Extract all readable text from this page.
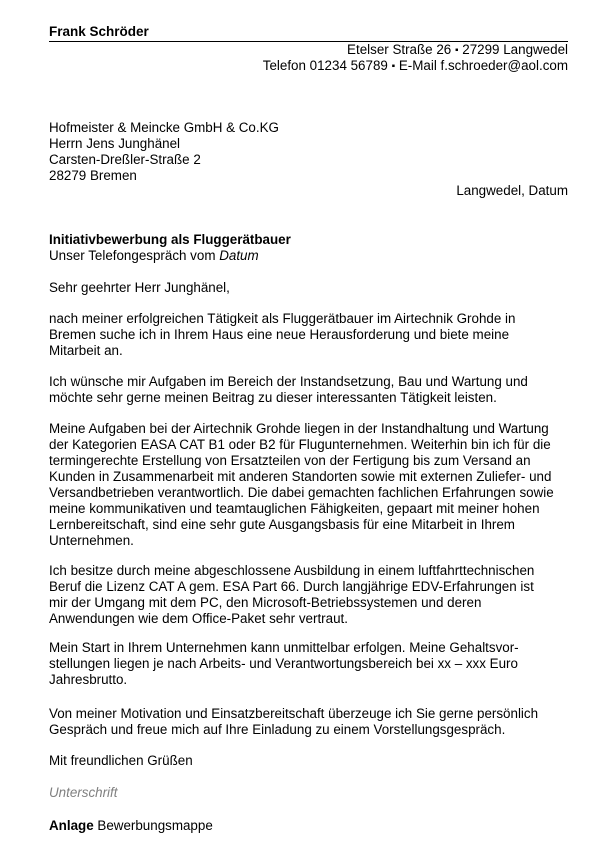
Frank Schröder
Etelser Straße 26 ▪ 27299 Langwedel
Telefon 01234 56789 ▪ E-Mail f.schroeder@aol.com
Hofmeister & Meincke GmbH & Co.KG
Herrn Jens Junghänel
Carsten-Dreßler-Straße 2
28279 Bremen
Langwedel, Datum
Initiativbewerbung als Fluggerätbauer
Unser Telefongespräch vom Datum
Sehr geehrter Herr Junghänel,

nach meiner erfolgreichen Tätigkeit als Fluggerätbauer im Airtechnik Grohde in

Bremen suche ich in Ihrem Haus eine neue Herausforderung und biete meine

Mitarbeit an.

Ich wünsche mir Aufgaben im Bereich der Instandsetzung, Bau und Wartung und

möchte sehr gerne meinen Beitrag zu dieser interessanten Tätigkeit leisten.

Meine Aufgaben bei der Airtechnik Grohde liegen in der Instandhaltung und Wartung

der Kategorien EASA CAT B1 oder B2 für Flugunternehmen. Weiterhin bin ich für die

termingerechte Erstellung von Ersatzteilen von der Fertigung bis zum Versand an

Kunden in Zusammenarbeit mit anderen Standorten sowie mit externen Zuliefer- und

Versandbetrieben verantwortlich. Die dabei gemachten fachlichen Erfahrungen sowie

meine kommunikativen und teamtauglichen Fähigkeiten, gepaart mit meiner hohen

Lernbereitschaft, sind eine sehr gute Ausgangsbasis für eine Mitarbeit in Ihrem

Unternehmen.

Ich besitze durch meine abgeschlossene Ausbildung in einem luftfahrttechnischen

Beruf die Lizenz CAT A gem. ESA Part 66. Durch langjährige EDV-Erfahrungen ist

mir der Umgang mit dem PC, den Microsoft-Betriebssystemen und deren

Anwendungen wie dem Office-Paket sehr vertraut.

Mein Start in Ihrem Unternehmen kann unmittelbar erfolgen. Meine Gehaltsvor-

stellungen liegen je nach Arbeits- und Verantwortungsbereich bei xx – xxx Euro

Jahresbrutto.

Von meiner Motivation und Einsatzbereitschaft überzeuge ich Sie gerne persönlich

Gespräch und freue mich auf Ihre Einladung zu einem Vorstellungsgespräch.

Mit freundlichen Grüßen
Unterschrift
Anlage Bewerbungsmappe
